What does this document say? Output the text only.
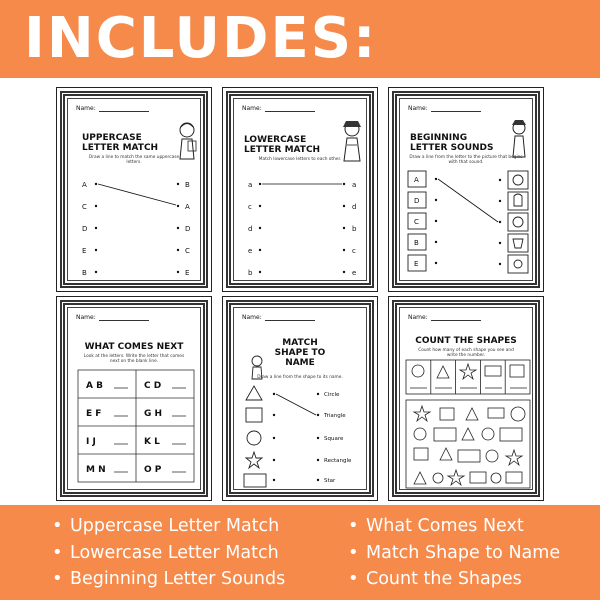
INCLUDES:
Name:
UPPERCASE LETTER MATCH
Draw a line to match the same uppercase letters.
A
C
D
E
B
B
A
D
C
E
Name:
LOWERCASE LETTER MATCH
Match lowercase letters to each other.
a
c
d
e
b
a
d
b
c
e
Name:
BEGINNING LETTER SOUNDS
Draw a line from the letter to the picture that begins with that sound.
A
D
C
B
E
Name:
WHAT COMES NEXT
Look at the letters. Write the letter that comes next on the blank line.
A B	C D
E F	G H
I J	K L
M N	O P
Name:
MATCH SHAPE TO NAME
Draw a line from the shape to its name.
Circle
Triangle
Square
Rectangle
Star
Name:
COUNT THE SHAPES
Count how many of each shape you see and write the number.
• Uppercase Letter Match
• Lowercase Letter Match
• Beginning Letter Sounds
• What Comes Next
• Match Shape to Name
• Count the Shapes
